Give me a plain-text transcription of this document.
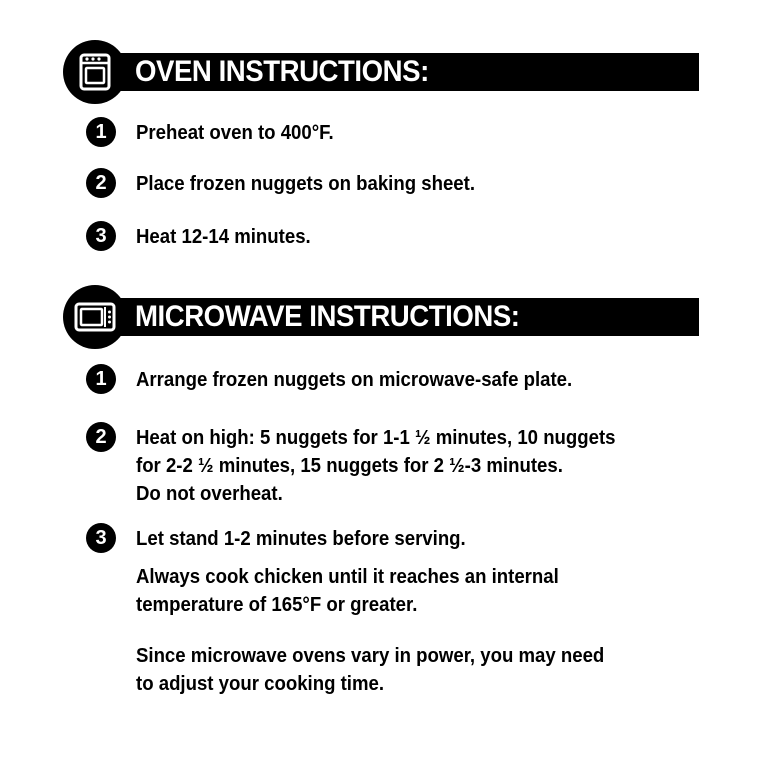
OVEN INSTRUCTIONS:
1	Preheat oven to 400°F.
2	Place frozen nuggets on baking sheet.
3	Heat 12-14 minutes.
MICROWAVE INSTRUCTIONS:
1	Arrange frozen nuggets on microwave-safe plate.
2	Heat on high: 5 nuggets for 1-1 ½ minutes, 10 nuggets
for 2-2 ½ minutes, 15 nuggets for 2 ½-3 minutes.
Do not overheat.
3	Let stand 1-2 minutes before serving.
Always cook chicken until it reaches an internal
temperature of 165°F or greater.
Since microwave ovens vary in power, you may need
to adjust your cooking time.
